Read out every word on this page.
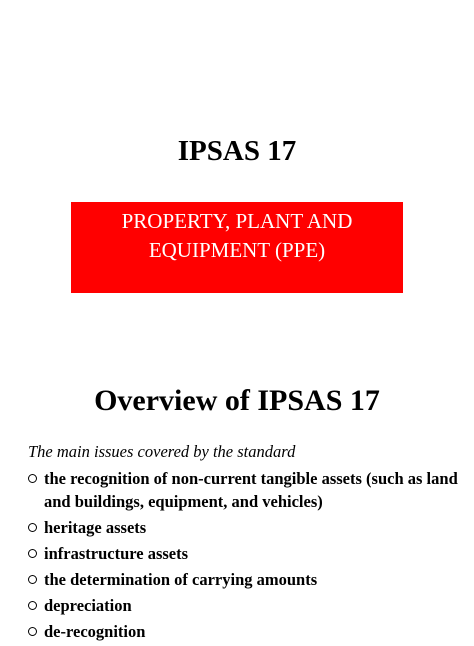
IPSAS 17
PROPERTY, PLANT AND
EQUIPMENT (PPE)
Overview of IPSAS 17
The main issues covered by the standard
the recognition of non-current tangible assets (such as land and buildings, equipment, and vehicles)
heritage assets
infrastructure assets
the determination of carrying amounts
depreciation
de-recognition
